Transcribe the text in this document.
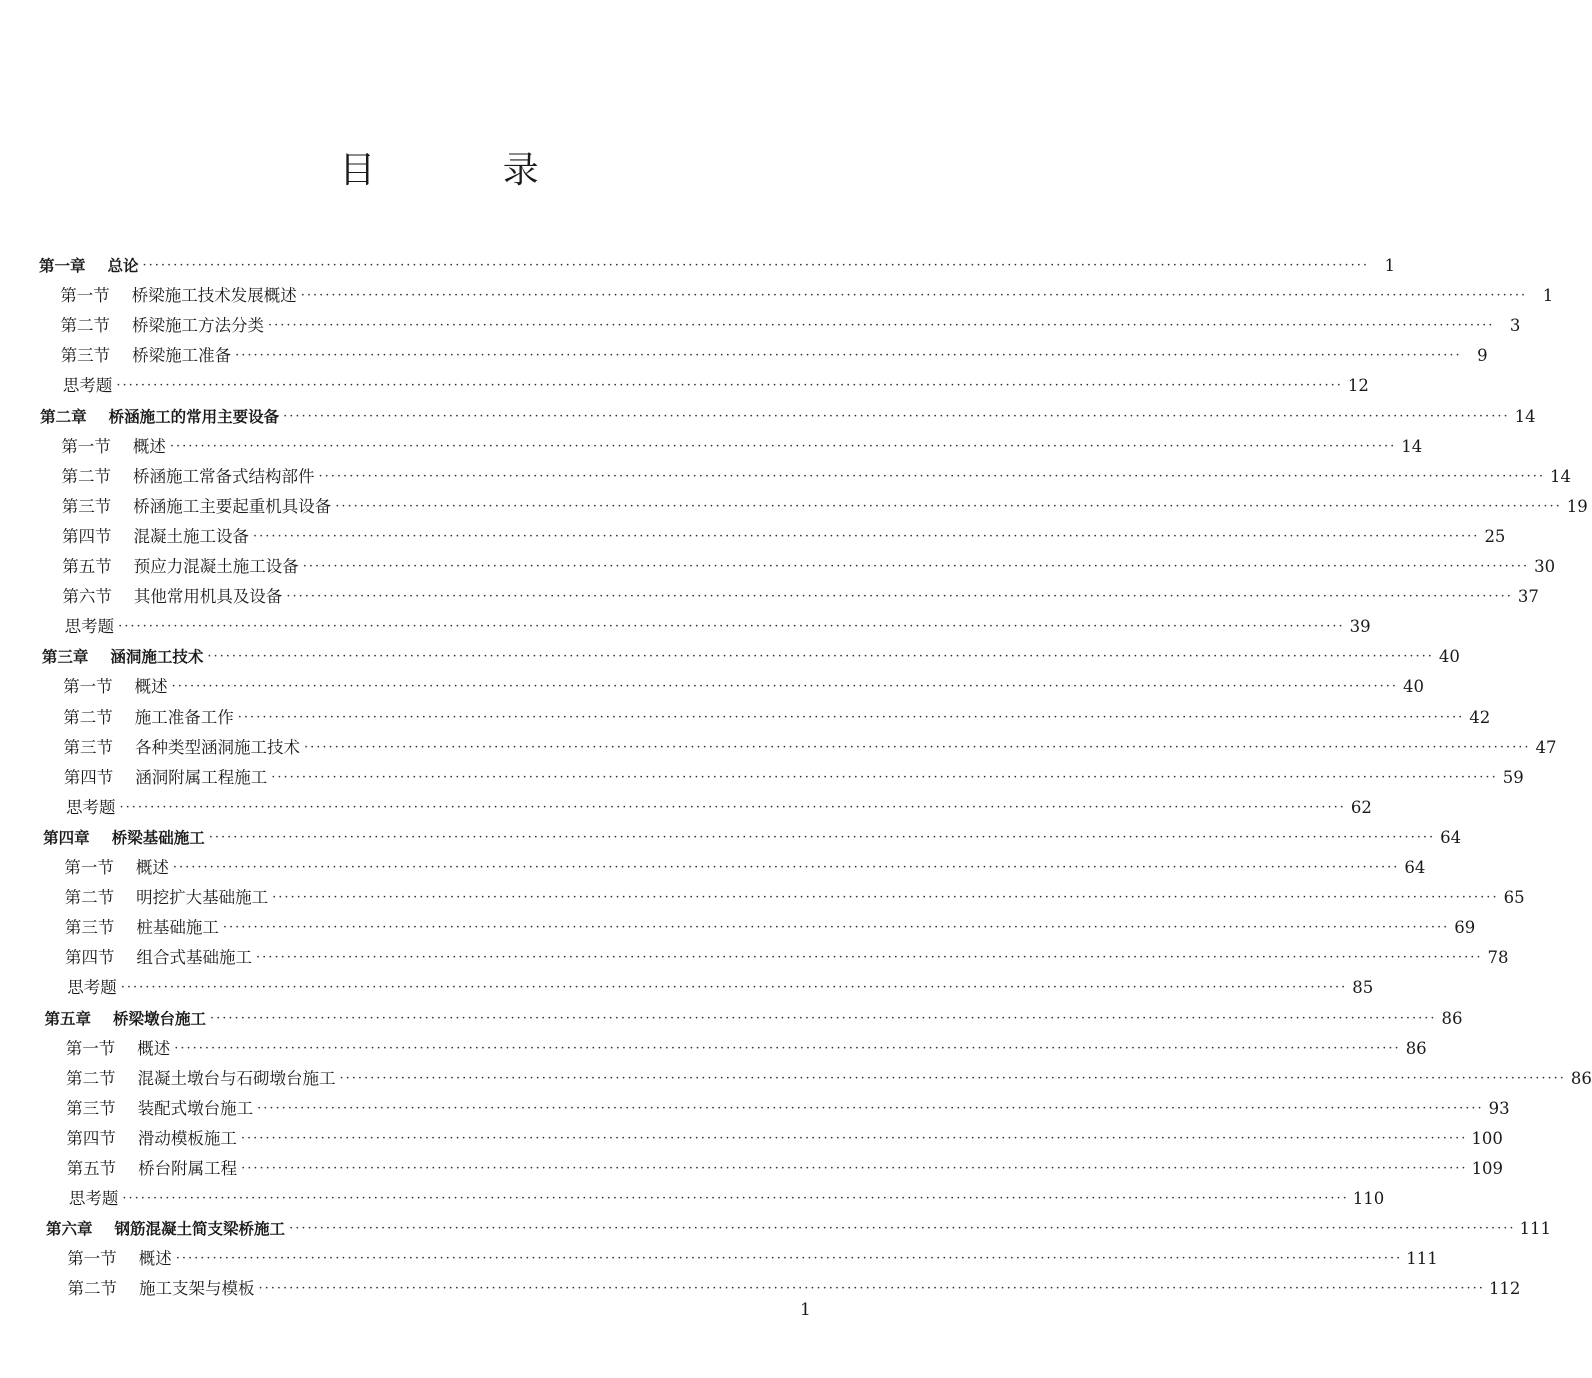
目 录
第一章 总论 ········································································································································································································ 1
第一节 桥梁施工技术发展概述 ········································································································································································································ 1
第二节 桥梁施工方法分类 ········································································································································································································ 3
第三节 桥梁施工准备 ········································································································································································································ 9
思考题 ········································································································································································································ 12
第二章 桥涵施工的常用主要设备 ········································································································································································································ 14
第一节 概述 ········································································································································································································ 14
第二节 桥涵施工常备式结构部件 ········································································································································································································ 14
第三节 桥涵施工主要起重机具设备 ········································································································································································································ 19
第四节 混凝土施工设备 ········································································································································································································ 25
第五节 预应力混凝土施工设备 ········································································································································································································ 30
第六节 其他常用机具及设备 ········································································································································································································ 37
思考题 ········································································································································································································ 39
第三章 涵洞施工技术 ········································································································································································································ 40
第一节 概述 ········································································································································································································ 40
第二节 施工准备工作 ········································································································································································································ 42
第三节 各种类型涵洞施工技术 ········································································································································································································ 47
第四节 涵洞附属工程施工 ········································································································································································································ 59
思考题 ········································································································································································································ 62
第四章 桥梁基础施工 ········································································································································································································ 64
第一节 概述 ········································································································································································································ 64
第二节 明挖扩大基础施工 ········································································································································································································ 65
第三节 桩基础施工 ········································································································································································································ 69
第四节 组合式基础施工 ········································································································································································································ 78
思考题 ········································································································································································································ 85
第五章 桥梁墩台施工 ········································································································································································································ 86
第一节 概述 ········································································································································································································ 86
第二节 混凝土墩台与石砌墩台施工 ········································································································································································································ 86
第三节 装配式墩台施工 ········································································································································································································ 93
第四节 滑动模板施工 ········································································································································································································ 100
第五节 桥台附属工程 ········································································································································································································ 109
思考题 ········································································································································································································ 110
第六章 钢筋混凝土简支梁桥施工 ········································································································································································································ 111
第一节 概述 ········································································································································································································ 111
第二节 施工支架与模板 ········································································································································································································ 112
1
